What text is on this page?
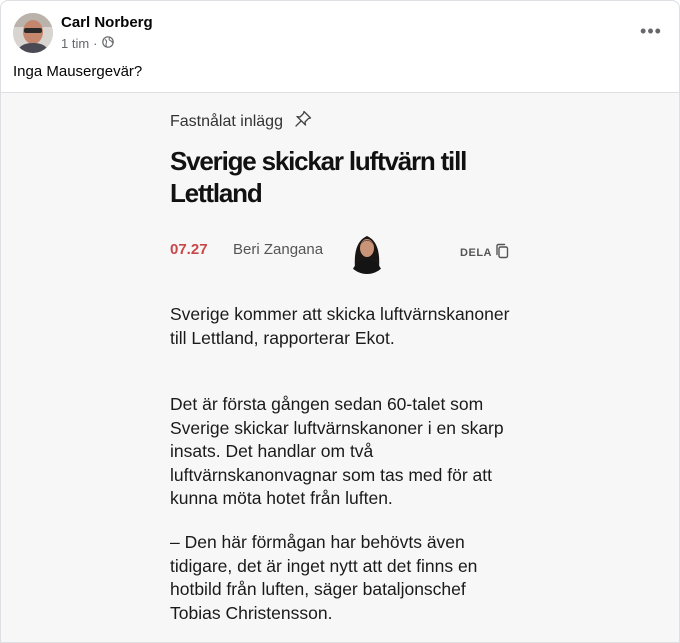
Carl Norberg
1 tim ·
•••
Inga Mausergevär?
Fastnålat inlägg
Sverige skickar luftvärn till Lettland
07.27 Beri Zangana	DELA
Sverige kommer att skicka luftvärnskanoner till Lettland, rapporterar Ekot.
Det är första gången sedan 60-talet som Sverige skickar luftvärnskanoner i en skarp insats. Det handlar om två luftvärnskanonvagnar som tas med för att kunna möta hotet från luften.
– Den här förmågan har behövts även tidigare, det är inget nytt att det finns en hotbild från luften, säger bataljonschef Tobias Christensson.
